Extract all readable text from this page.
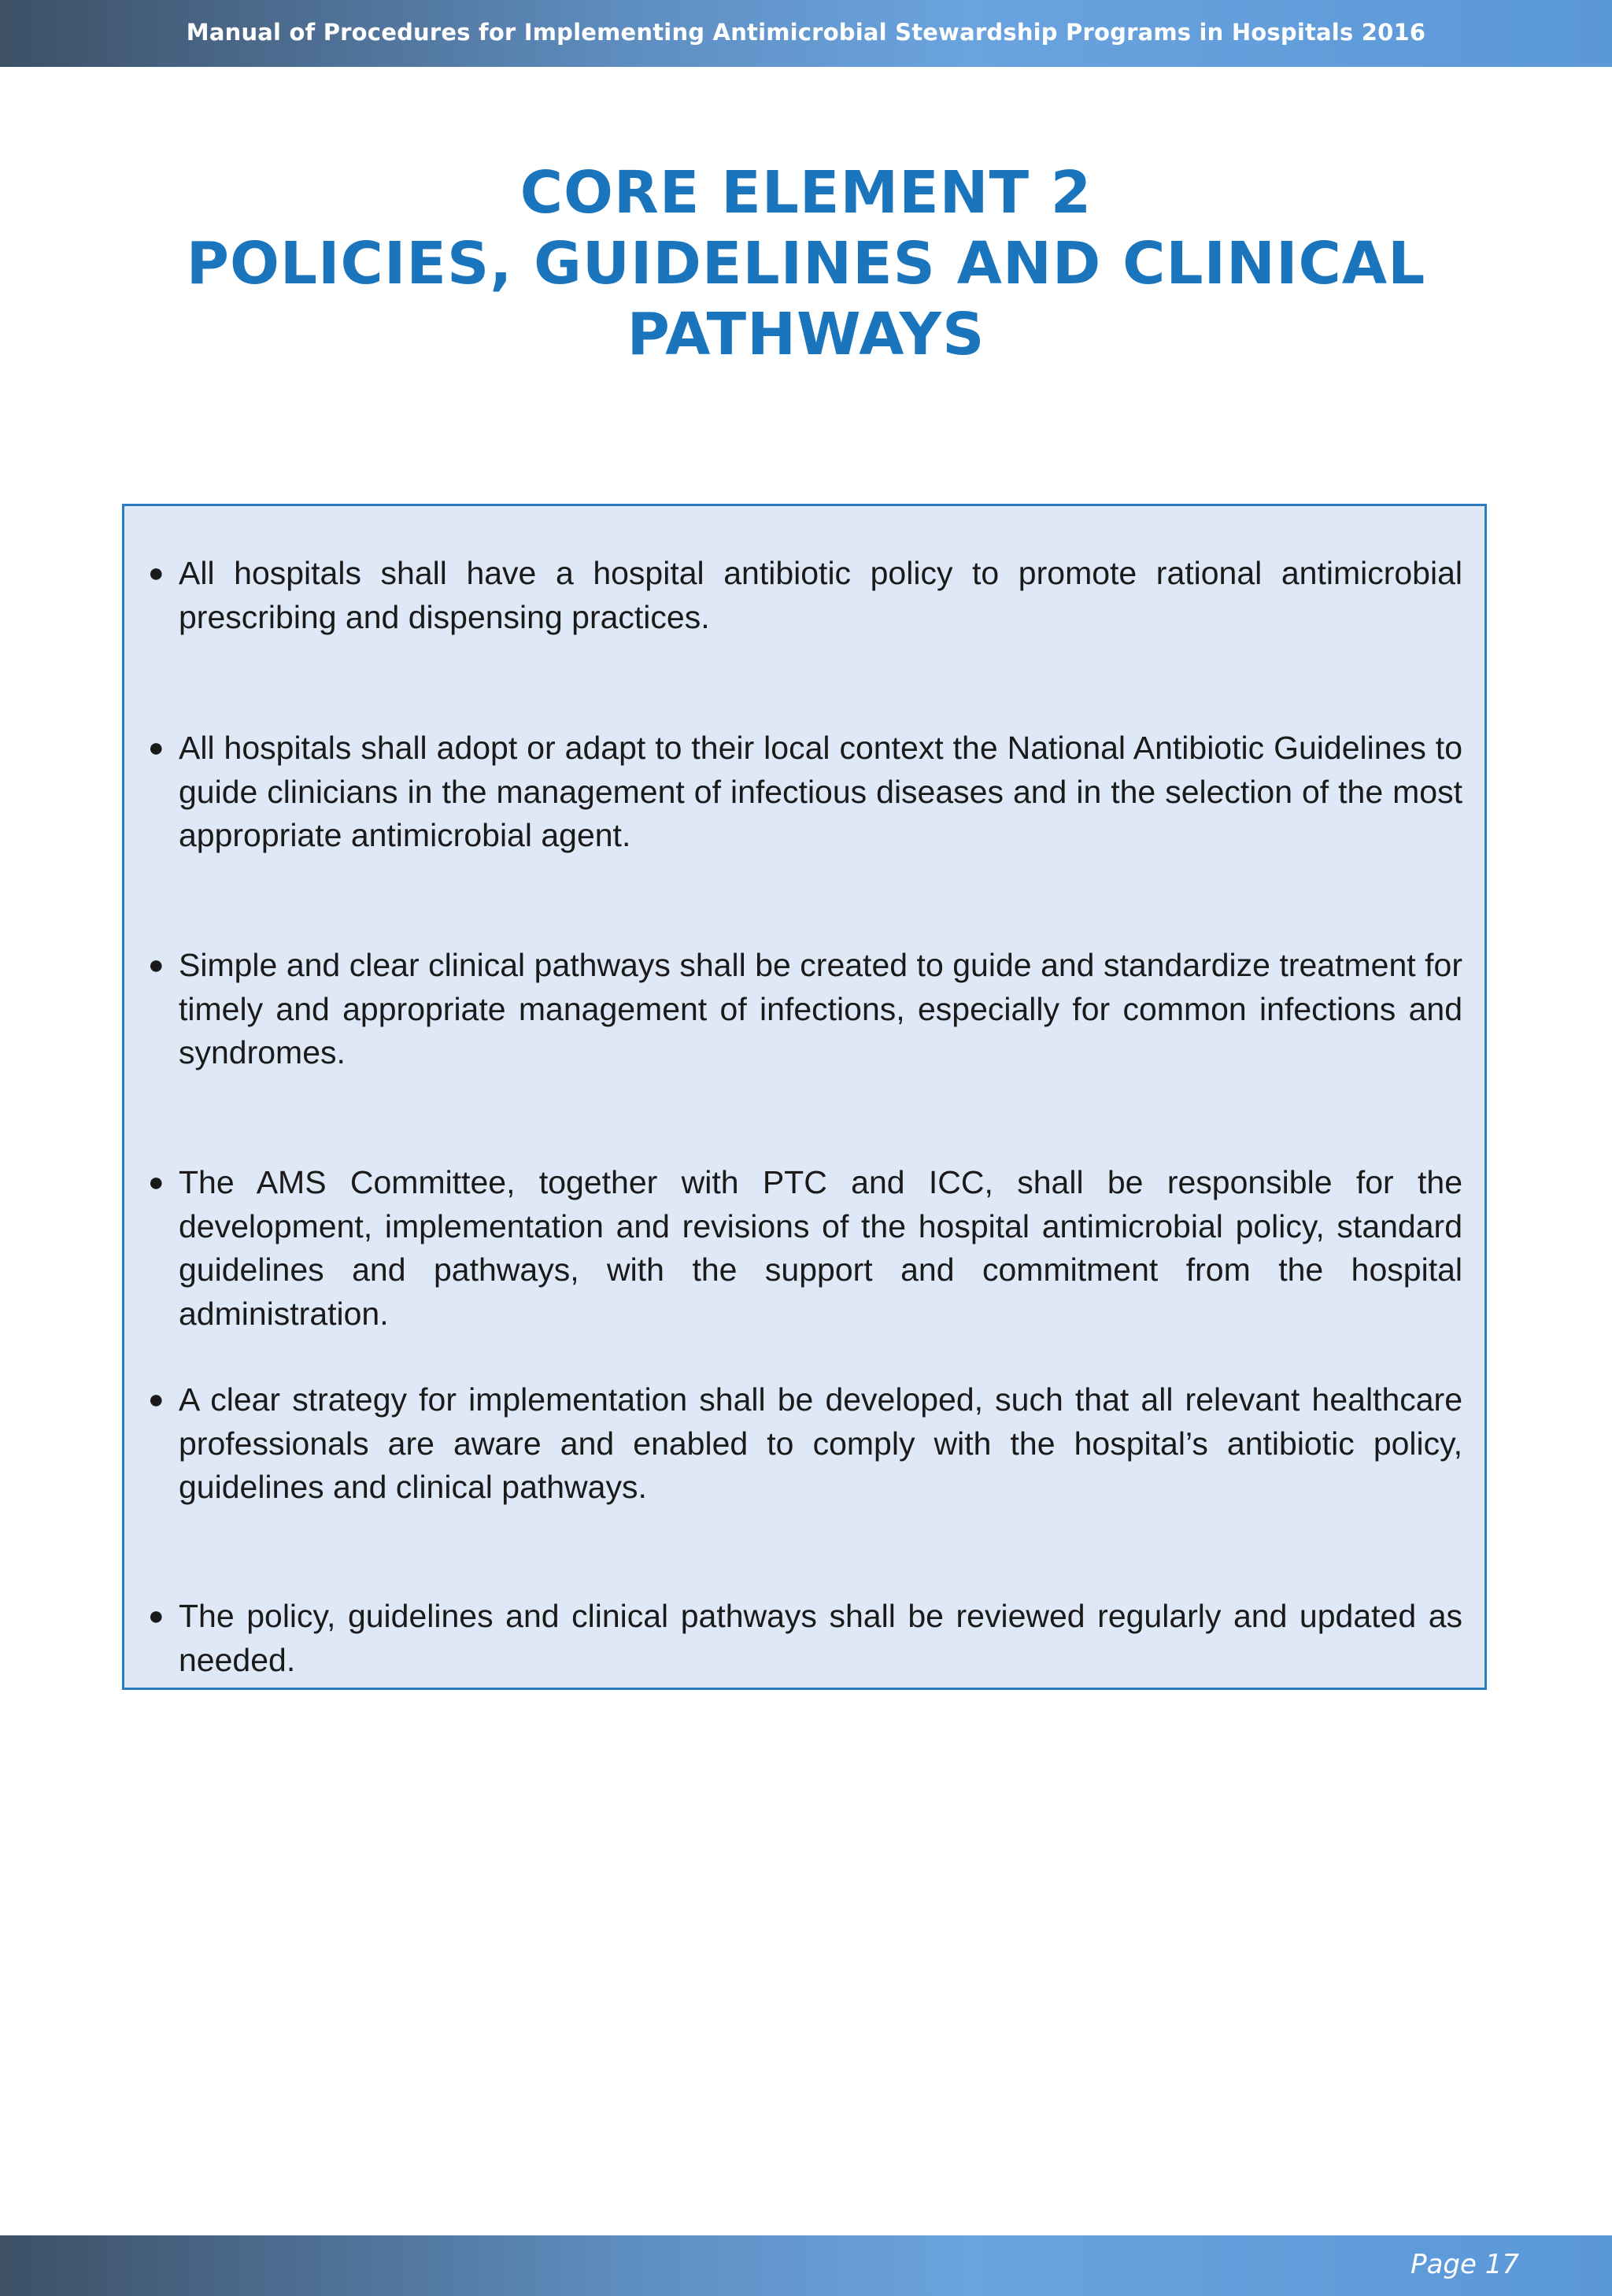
Manual of Procedures for Implementing Antimicrobial Stewardship Programs in Hospitals 2016
CORE ELEMENT 2
POLICIES, GUIDELINES AND CLINICAL
PATHWAYS
● All hospitals shall have a hospital antibiotic policy to promote rational antimicrobial prescribing and dispensing practices.
● All hospitals shall adopt or adapt to their local context the National Antibiotic Guidelines to guide clinicians in the management of infectious diseases and in the selection of the most appropriate antimicrobial agent.
● Simple and clear clinical pathways shall be created to guide and standardize treatment for timely and appropriate management of infections, especially for common infections and syndromes.
● The AMS Committee, together with PTC and ICC, shall be responsible for the development, implementation and revisions of the hospital antimicrobial policy, standard guidelines and pathways, with the support and commitment from the hospital administration.
● A clear strategy for implementation shall be developed, such that all relevant healthcare professionals are aware and enabled to comply with the hospital’s antibiotic policy, guidelines and clinical pathways.
● The policy, guidelines and clinical pathways shall be reviewed regularly and updated as needed.
Page 17
